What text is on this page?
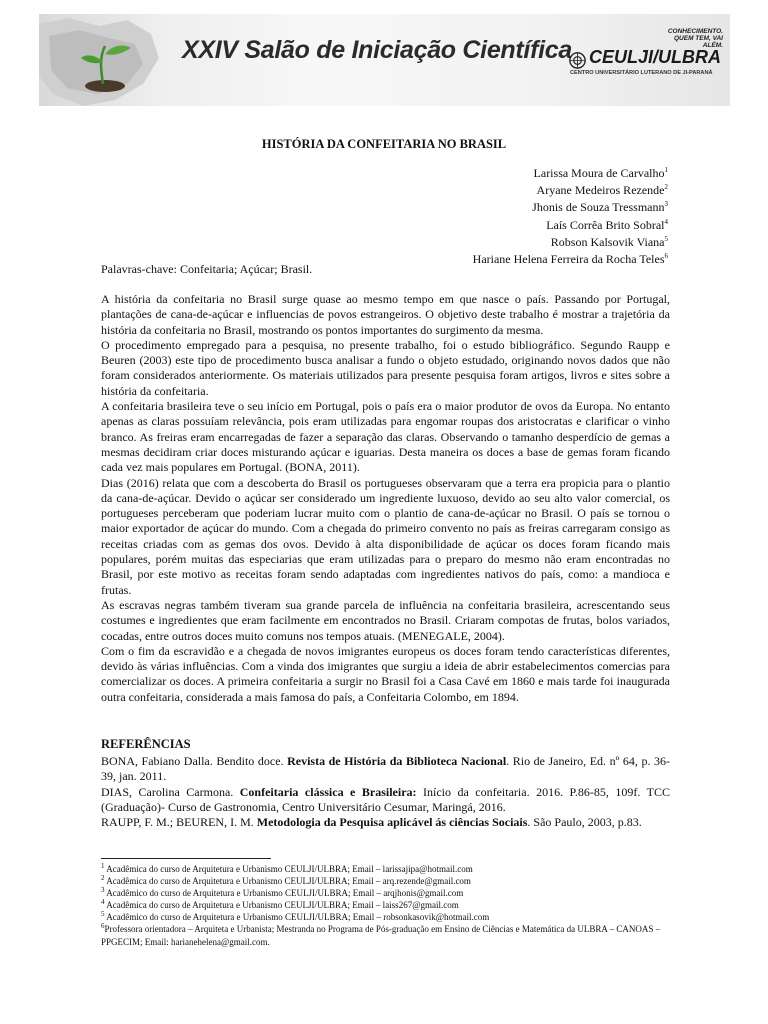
XXIV Salão de Iniciação Científica
CONHECIMENTO. QUEM TEM, VAI ALÉM.
CEULJI/ULBRA
CENTRO UNIVERSITÁRIO LUTERANO DE JI-PARANÁ
HISTÓRIA DA CONFEITARIA NO BRASIL
Larissa Moura de Carvalho$^1$
Aryane Medeiros Rezende$^2$
Jhonis de Souza Tressmann$^3$
Laís Corrêa Brito Sobral$^4$
Robson Kalsovik Viana$^5$
Hariane Helena Ferreira da Rocha Teles$^6$
Palavras-chave: Confeitaria; Açúcar; Brasil.

A história da confeitaria no Brasil surge quase ao mesmo tempo em que nasce o país. Passando por Portugal, plantações de cana-de-açúcar e influencias de povos estrangeiros. O objetivo deste trabalho é mostrar a trajetória da história da confeitaria no Brasil, mostrando os pontos importantes do surgimento da mesma.

O procedimento empregado para a pesquisa, no presente trabalho, foi o estudo bibliográfico. Segundo Raupp e Beuren (2003) este tipo de procedimento busca analisar a fundo o objeto estudado, originando novos dados que não foram considerados anteriormente. Os materiais utilizados para presente pesquisa foram artigos, livros e sites sobre a história da confeitaria.

A confeitaria brasileira teve o seu início em Portugal, pois o país era o maior produtor de ovos da Europa. No entanto apenas as claras possuíam relevância, pois eram utilizadas para engomar roupas dos aristocratas e clarificar o vinho branco. As freiras eram encarregadas de fazer a separação das claras. Observando o tamanho desperdício de gemas a mesmas decidiram criar doces misturando açúcar e iguarias. Desta maneira os doces a base de gemas foram ficando cada vez mais populares em Portugal. (BONA, 2011).

Dias (2016) relata que com a descoberta do Brasil os portugueses observaram que a terra era propicia para o plantio da cana-de-açúcar. Devido o açúcar ser considerado um ingrediente luxuoso, devido ao seu alto valor comercial, os portugueses perceberam que poderiam lucrar muito com o plantio de cana-de-açúcar no Brasil. O país se tornou o maior exportador de açúcar do mundo. Com a chegada do primeiro convento no país as freiras carregaram consigo as receitas criadas com as gemas dos ovos. Devido à alta disponibilidade de açúcar os doces foram ficando mais populares, porém muitas das especiarias que eram utilizadas para o preparo do mesmo não eram encontradas no Brasil, por este motivo as receitas foram sendo adaptadas com ingredientes nativos do país, como: a mandioca e frutas.

As escravas negras também tiveram sua grande parcela de influência na confeitaria brasileira, acrescentando seus costumes e ingredientes que eram facilmente em encontrados no Brasil. Criaram compotas de frutas, bolos variados, cocadas, entre outros doces muito comuns nos tempos atuais. (MENEGALE, 2004).

Com o fim da escravidão e a chegada de novos imigrantes europeus os doces foram tendo características diferentes, devido às várias influências. Com a vinda dos imigrantes que surgiu a ideia de abrir estabelecimentos comercias para comercializar os doces. A primeira confeitaria a surgir no Brasil foi a Casa Cavé em 1860 e mais tarde foi inaugurada outra confeitaria, considerada a mais famosa do país, a Confeitaria Colombo, em 1894.

REFERÊNCIAS

BONA, Fabiano Dalla. Bendito doce. Revista de História da Biblioteca Nacional. Rio de Janeiro, Ed. nº 64, p. 36-39, jan. 2011.

DIAS, Carolina Carmona. Confeitaria clássica e Brasileira: Início da confeitaria. 2016. P.86-85, 109f. TCC (Graduação)- Curso de Gastronomia, Centro Universitário Cesumar, Maringá, 2016.

RAUPP, F. M.; BEUREN, I. M. Metodologia da Pesquisa aplicável ás ciências Sociais. São Paulo, 2003, p.83.

$^1$ Acadêmica do curso de Arquitetura e Urbanismo CEULJI/ULBRA; Email – larissajipa@hotmail.com

$^2$ Acadêmica do curso de Arquitetura e Urbanismo CEULJI/ULBRA; Email – arq.rezende@gmail.com

$^3$ Acadêmico do curso de Arquitetura e Urbanismo CEULJI/ULBRA; Email – arqjhonis@gmail.com

$^4$ Acadêmica do curso de Arquitetura e Urbanismo CEULJI/ULBRA; Email – laiss267@gmail.com

$^5$ Acadêmico do curso de Arquitetura e Urbanismo CEULJI/ULBRA; Email – robsonkasovik@hotmail.com

$^6$Professora orientadora – Arquiteta e Urbanista; Mestranda no Programa de Pós-graduação em Ensino de Ciências e Matemática da ULBRA – CANOAS – PPGECIM; Email: harianehelena@gmail.com.
